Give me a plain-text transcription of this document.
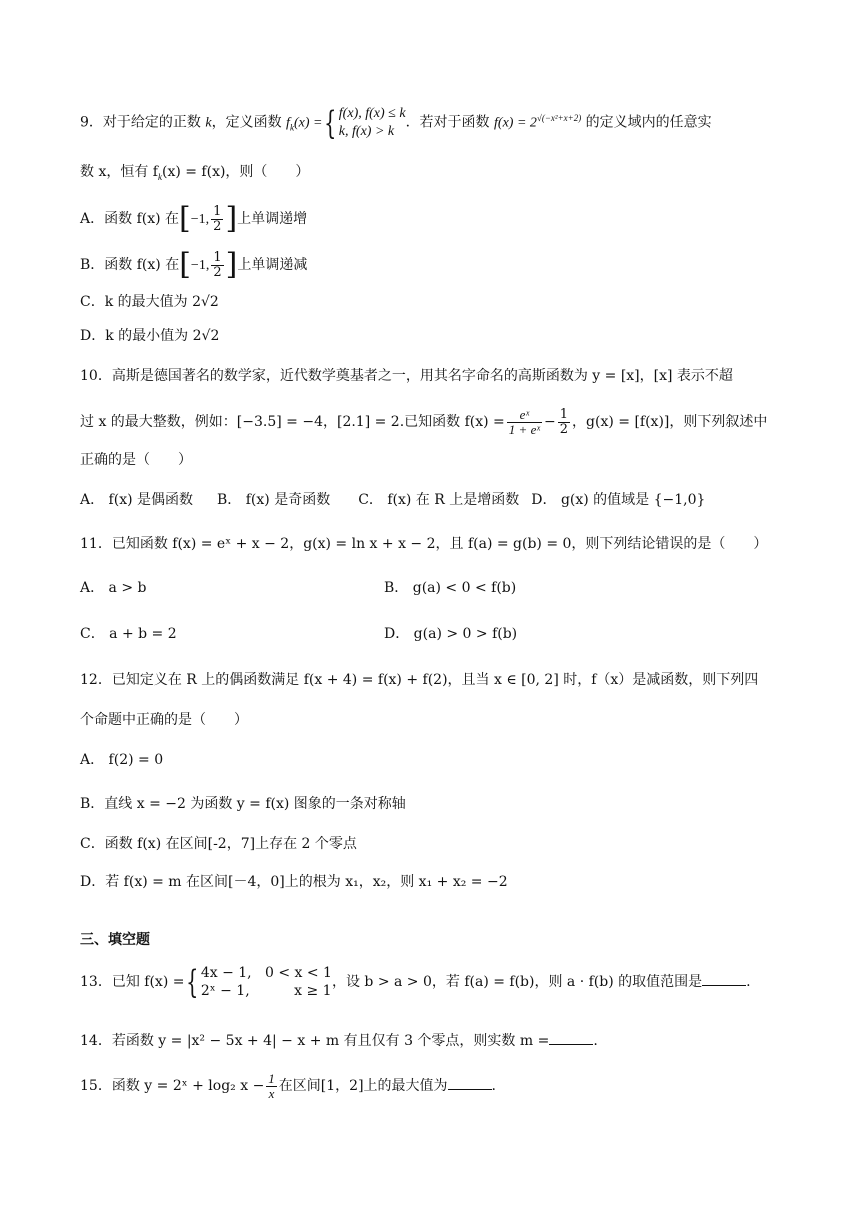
9．对于给定的正数 k，定义函数 $f_k(x)$ ={ f(x), f(x) ≤ k
k, f(x) > k
．若对于函数 $f(x) = 2^{√(-x^2+x+2)}$ 的定义域内的任意实
数 x，恒有 $f_k(x) = f(x)$，则（　　）
A．函数 f(x) 在[−1, $\frac{1}{2}$ ]上单调递增
B．函数 f(x) 在[−1, $\frac{1}{2}$ ]上单调递减
C．k 的最大值为 2√2
D．k 的最小值为 2√2
10．高斯是德国著名的数学家，近代数学奠基者之一，用其名字命名的高斯函数为 y = [x]，[x] 表示不超
过 x 的最大整数，例如：[−3.5] = −4，[2.1] = 2.已知函数 $f(x) = \frac{\text{eˣ}}{\text{1 + eˣ}} - \frac{1}{2}$ ，g(x) = [f(x)]，则下列叙述中
正确的是（　　）
A． f(x) 是偶函数 B． f(x) 是奇函数 C． f(x) 在 R 上是增函数 D． g(x) 的值域是 {−1,0}
11．已知函数 f(x) = eˣ + x − 2，g(x) = ln x + x − 2，且 f(a) = g(b) = 0，则下列结论错误的是（　　）
A． a > b	B． g(a) < 0 < f(b)
C． a + b = 2	D． g(a) > 0 > f(b)
12．已知定义在 R 上的偶函数满足 f(x + 4) = f(x) + f(2)，且当 x ∈ [0, 2] 时，f（x）是减函数，则下列四
个命题中正确的是（　　）
A． f(2) = 0
B．直线 x = −2 为函数 y = f(x) 图象的一条对称轴
C．函数 f(x) 在区间[-2，7]上存在 2 个零点
D．若 f(x) = m 在区间[－4，0]上的根为 x₁，x₂，则 x₁ + x₂ = −2
三、填空题
13．已知 f(x) ={ 4x − 1,   0 < x < 1
2ˣ − 1,          x ≥ 1
，设 b > a > 0，若 f(a) = f(b)，则 a · f(b) 的取值范围是	.
14．若函数 y = |x² − 5x + 4| − x + m 有且仅有 3 个零点，则实数 m =	.
15．函数 y = 2ˣ + log₂ $x - \frac{1}{x}$ 在区间[1，2]上的最大值为	.
